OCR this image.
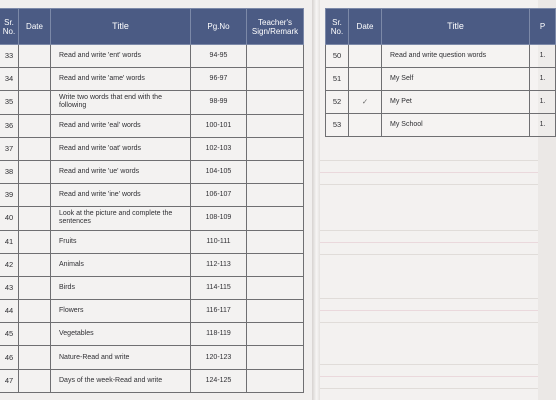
Sr. No.	Date	Title	Pg.No	Teacher's Sign/Remark
33		Read and write 'ent' words	94-95	
34		Read and write 'ame' words	96-97	
35		Write two words that end with the following	98-99	
36		Read and write 'eal' words	100-101	
37		Read and write 'oat' words	102-103	
38		Read and write 'ue' words	104-105	
39		Read and write 'ine' words	106-107	
40		Look at the picture and complete the sentences	108-109	
41		Fruits	110-111	
42		Animals	112-113	
43		Birds	114-115	
44		Flowers	116-117	
45		Vegetables	118-119	
46		Nature-Read and write	120-123	
47		Days of the week-Read and write	124-125	
Sr. No.	Date	Title	P
50		Read and write question words	1.
51		My Self	1.
52	✓	My Pet	1.
53		My School	1.
